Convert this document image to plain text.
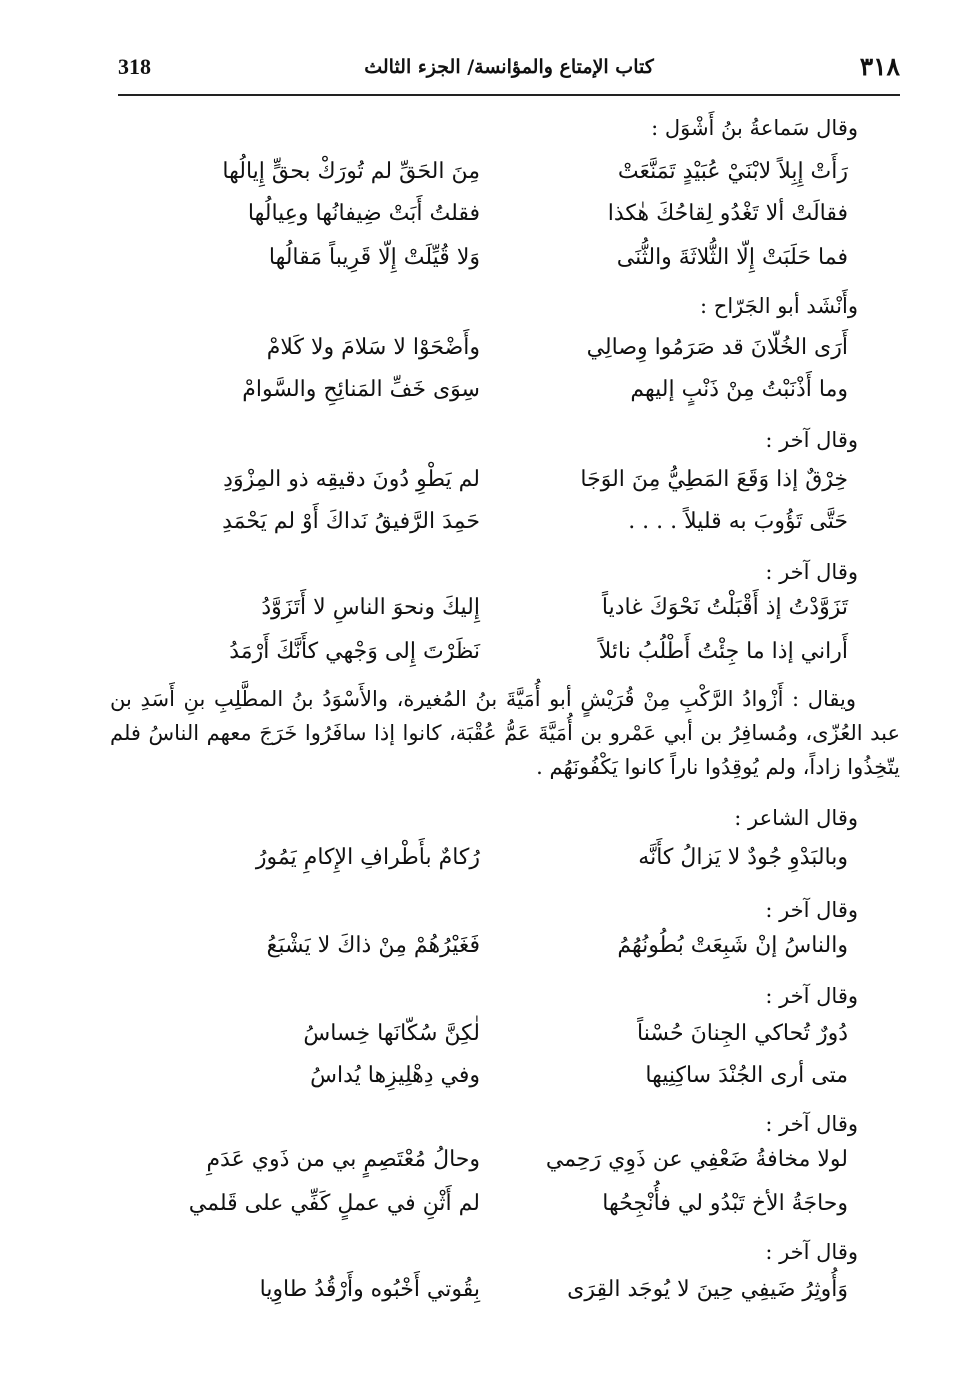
٣١٨
كتاب الإمتاع والمؤانسة/ الجزء الثالث
318
وقال سَماعةُ بنُ أَشْوَل :
رَأَتْ إِبِلاً لابْنَيْ عُبَيْدٍ تَمَنَّعَتْ
مِنَ الحَقِّ لم تُورَكْ بحقٍّ إِيالُها
فقالَتْ ألا تَغْدُو لِقاحُكَ هٰكذا
فقلتُ أَبَتْ ضِيفانُها وعِيالُها
فما حَلَبَتْ إِلّا الثُّلاثَةَ والثُّنَى
وَلا قُيِّلَتْ إِلّا قَرِيباً مَقالُها
وأَنْشَد أبو الجَرّاح :
أَرَى الخُلّانَ قد صَرَمُوا وِصالِي
وأَضْحَوْا لا سَلامَ ولا كَلامْ
وما أَذْنَبْتُ مِنْ ذَنْبٍ إليهم
سِوَى خَفِّ المَنائِحِ والسَّوامْ
وقال آخر :
خِرْقٌ إذا وَقَعَ المَطِيُّ مِنَ الوَجَا
لم يَطْوِ دُونَ دقيقِه ذو المِزْوَدِ
حَتَّى تَؤُوبَ به قليلاً . . . .
حَمِدَ الرَّفيقُ نَداكَ أَوْ لم يَحْمَدِ
وقال آخر :
تَزَوَّدْتُ إذ أَقْبَلْتُ نَحْوَكَ غادياً
إِليكَ ونحوَ الناسِ لا أَتَزَوَّدُ
أَراني إذا ما جِئْتُ أَطْلُبُ نائلاً
نَظَرْتَ إِلى وَجْهي كأَنَّكَ أَرْمَدُ

ويقال : أَزْوادُ الرَّكْبِ مِنْ قُرَيْشٍ أبو أُمَيَّةَ بنُ المُغيرة، والأَسْوَدُ بنُ المطَّلِبِ بنِ أَسَدِ بن عبد العُزّى، ومُسافِرُ بن أبي عَمْرو بن أُمَيَّةَ عَمُّ عُقْبَة، كانوا إذا سافَرُوا خَرَجَ معهم الناسُ فلم يتّخِذُوا زاداً، ولم يُوقِدُوا ناراً كانوا يَكْفُونَهُم .

وقال الشاعر :
وبالبَدْوِ جُودٌ لا يَزالُ كأَنَّه
رُكامٌ بأَطْرافِ الإِكامِ يَمُورُ
وقال آخر :
والناسُ إنْ شَبِعَتْ بُطُونُهُمُ
فَغَيْرُهُمْ مِنْ ذاكَ لا يَشْبَعُ
وقال آخر :
دُورٌ تُحاكي الجِنانَ حُسْناً
لٰكِنَّ سُكّانَها خِساسُ
متى أرى الجُنْدَ ساكِنِيها
وفي دِهْلِيزِها يُداسُ
وقال آخر :
لولا مخافةُ ضَعْفِي عن ذَوِي رَحِمي
وحالُ مُعْتَصِمٍ بي من ذَوي عَدَمِ
وحاجَةُ الأخ تَبْدُو لي فأُنْجِحُها
لم أَثْنِ في عملٍ كَفِّي على قَلمي
وقال آخر :
وَأُوثِرُ ضَيفِي حِينَ لا يُوجَد القِرَى
بِقُوتي أَخْبُوه وأَرْقُدُ طاوِيا
